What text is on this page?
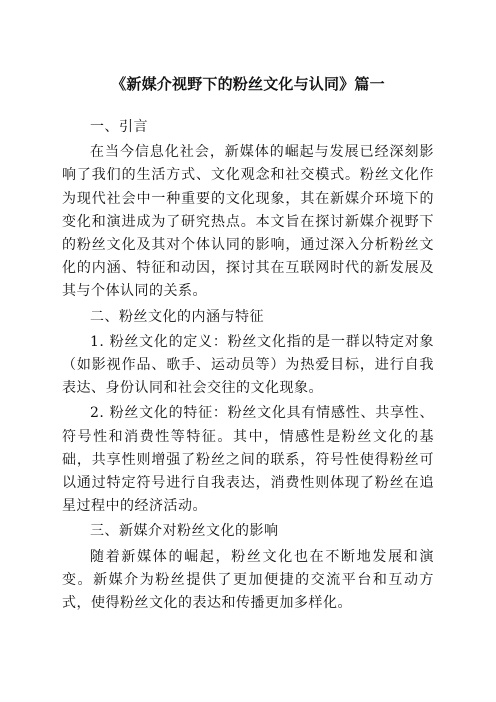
《新媒介视野下的粉丝文化与认同》篇一
一、引言
在当今信息化社会，新媒体的崛起与发展已经深刻影响了我们的生活方式、文化观念和社交模式。粉丝文化作为现代社会中一种重要的文化现象，其在新媒介环境下的变化和演进成为了研究热点。本文旨在探讨新媒介视野下的粉丝文化及其对个体认同的影响，通过深入分析粉丝文化的内涵、特征和动因，探讨其在互联网时代的新发展及其与个体认同的关系。
二、粉丝文化的内涵与特征
1. 粉丝文化的定义：粉丝文化指的是一群以特定对象（如影视作品、歌手、运动员等）为热爱目标，进行自我表达、身份认同和社会交往的文化现象。
2. 粉丝文化的特征：粉丝文化具有情感性、共享性、符号性和消费性等特征。其中，情感性是粉丝文化的基础，共享性则增强了粉丝之间的联系，符号性使得粉丝可以通过特定符号进行自我表达，消费性则体现了粉丝在追星过程中的经济活动。
三、新媒介对粉丝文化的影响
随着新媒体的崛起，粉丝文化也在不断地发展和演变。新媒介为粉丝提供了更加便捷的交流平台和互动方式，使得粉丝文化的表达和传播更加多样化。
